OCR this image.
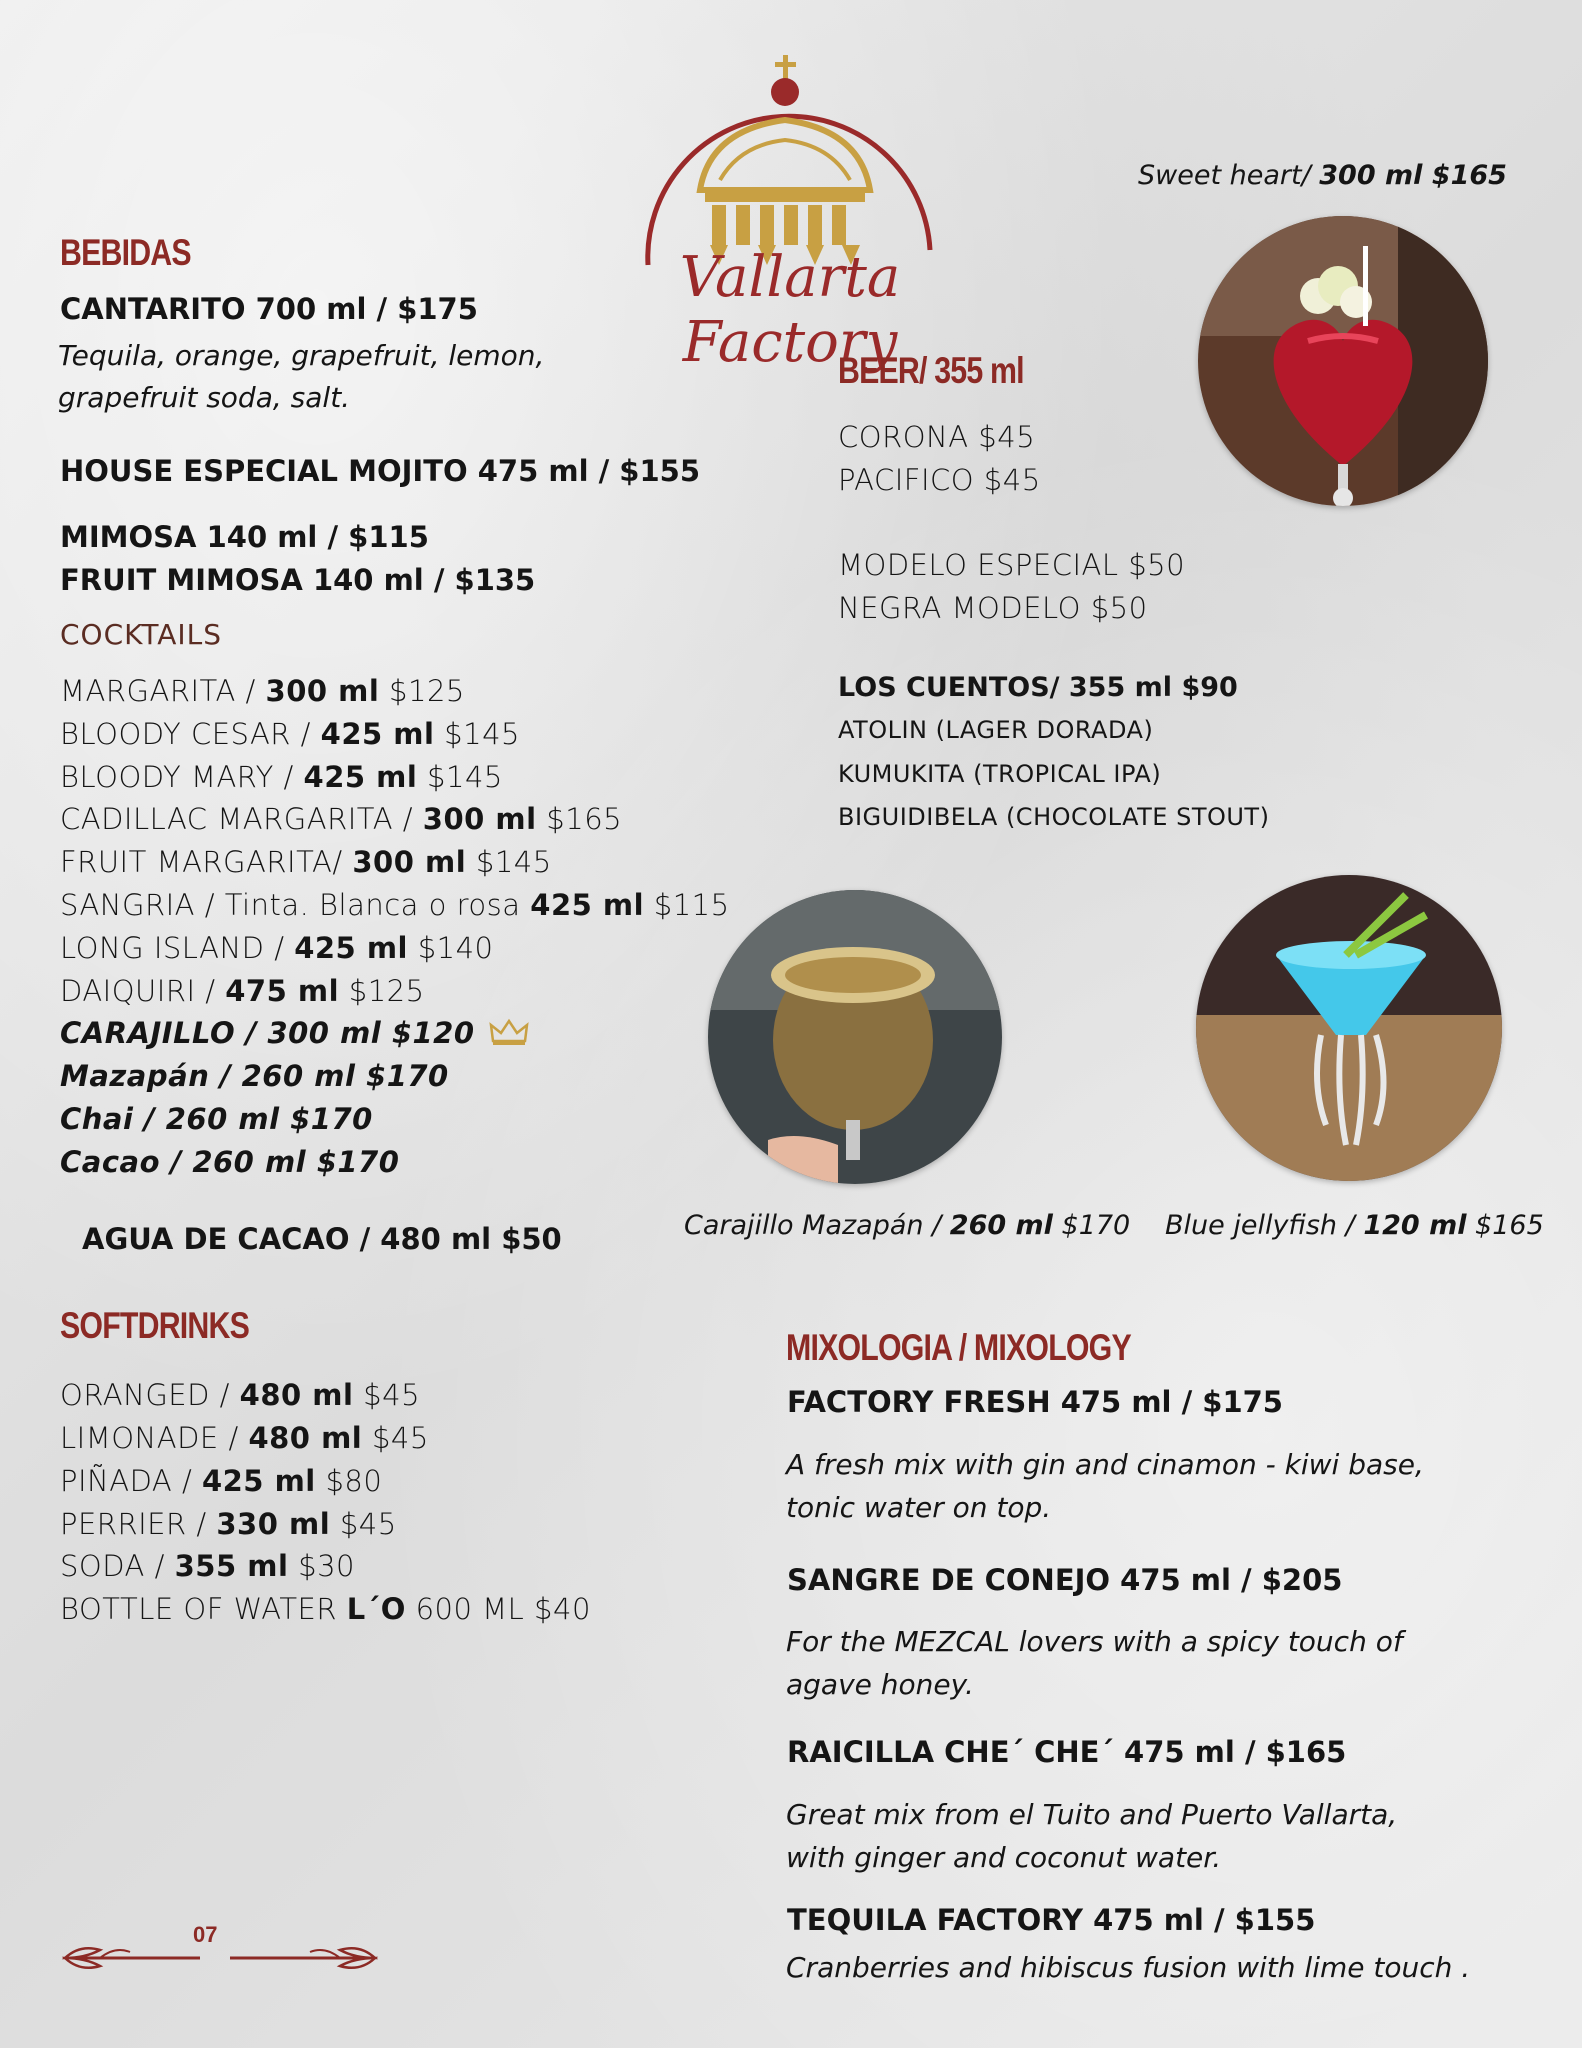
Vallarta Factory
BEBIDAS
CANTARITO 700 ml / $175
Tequila, orange, grapefruit, lemon,
grapefruit soda, salt.
HOUSE ESPECIAL MOJITO 475 ml / $155
MIMOSA 140 ml / $115
FRUIT MIMOSA 140 ml / $135
COCKTAILS
MARGARITA / 300 ml $125
BLOODY CESAR / 425 ml $145
BLOODY MARY / 425 ml $145
CADILLAC MARGARITA / 300 ml $165
FRUIT MARGARITA/ 300 ml $145
SANGRIA / Tinta. Blanca o rosa 425 ml $115
LONG ISLAND / 425 ml $140
DAIQUIRI / 475 ml $125
CARAJILLO / 300 ml $120
Mazapán / 260 ml $170
Chai / 260 ml $170
Cacao / 260 ml $170
AGUA DE CACAO / 480 ml $50
SOFTDRINKS
ORANGED / 480 ml $45
LIMONADE / 480 ml $45
PIÑADA / 425 ml $80
PERRIER / 330 ml $45
SODA / 355 ml $30
BOTTLE OF WATER L´O 600 ML $40
07
BEER/ 355 ml
CORONA $45
PACIFICO $45
MODELO ESPECIAL $50
NEGRA MODELO $50
LOS CUENTOS/ 355 ml $90
ATOLIN (LAGER DORADA)
KUMUKITA (TROPICAL IPA)
BIGUIDIBELA (CHOCOLATE STOUT)
Sweet heart/ 300 ml $165
Carajillo Mazapán / 260 ml $170 Blue jellyfish / 120 ml $165
MIXOLOGIA / MIXOLOGY
FACTORY FRESH 475 ml / $175
A fresh mix with gin and cinamon - kiwi base,
tonic water on top.
SANGRE DE CONEJO 475 ml / $205
For the MEZCAL lovers with a spicy touch of
agave honey.
RAICILLA CHE´ CHE´ 475 ml / $165
Great mix from el Tuito and Puerto Vallarta,
with ginger and coconut water.
TEQUILA FACTORY 475 ml / $155
Cranberries and hibiscus fusion with lime touch .
